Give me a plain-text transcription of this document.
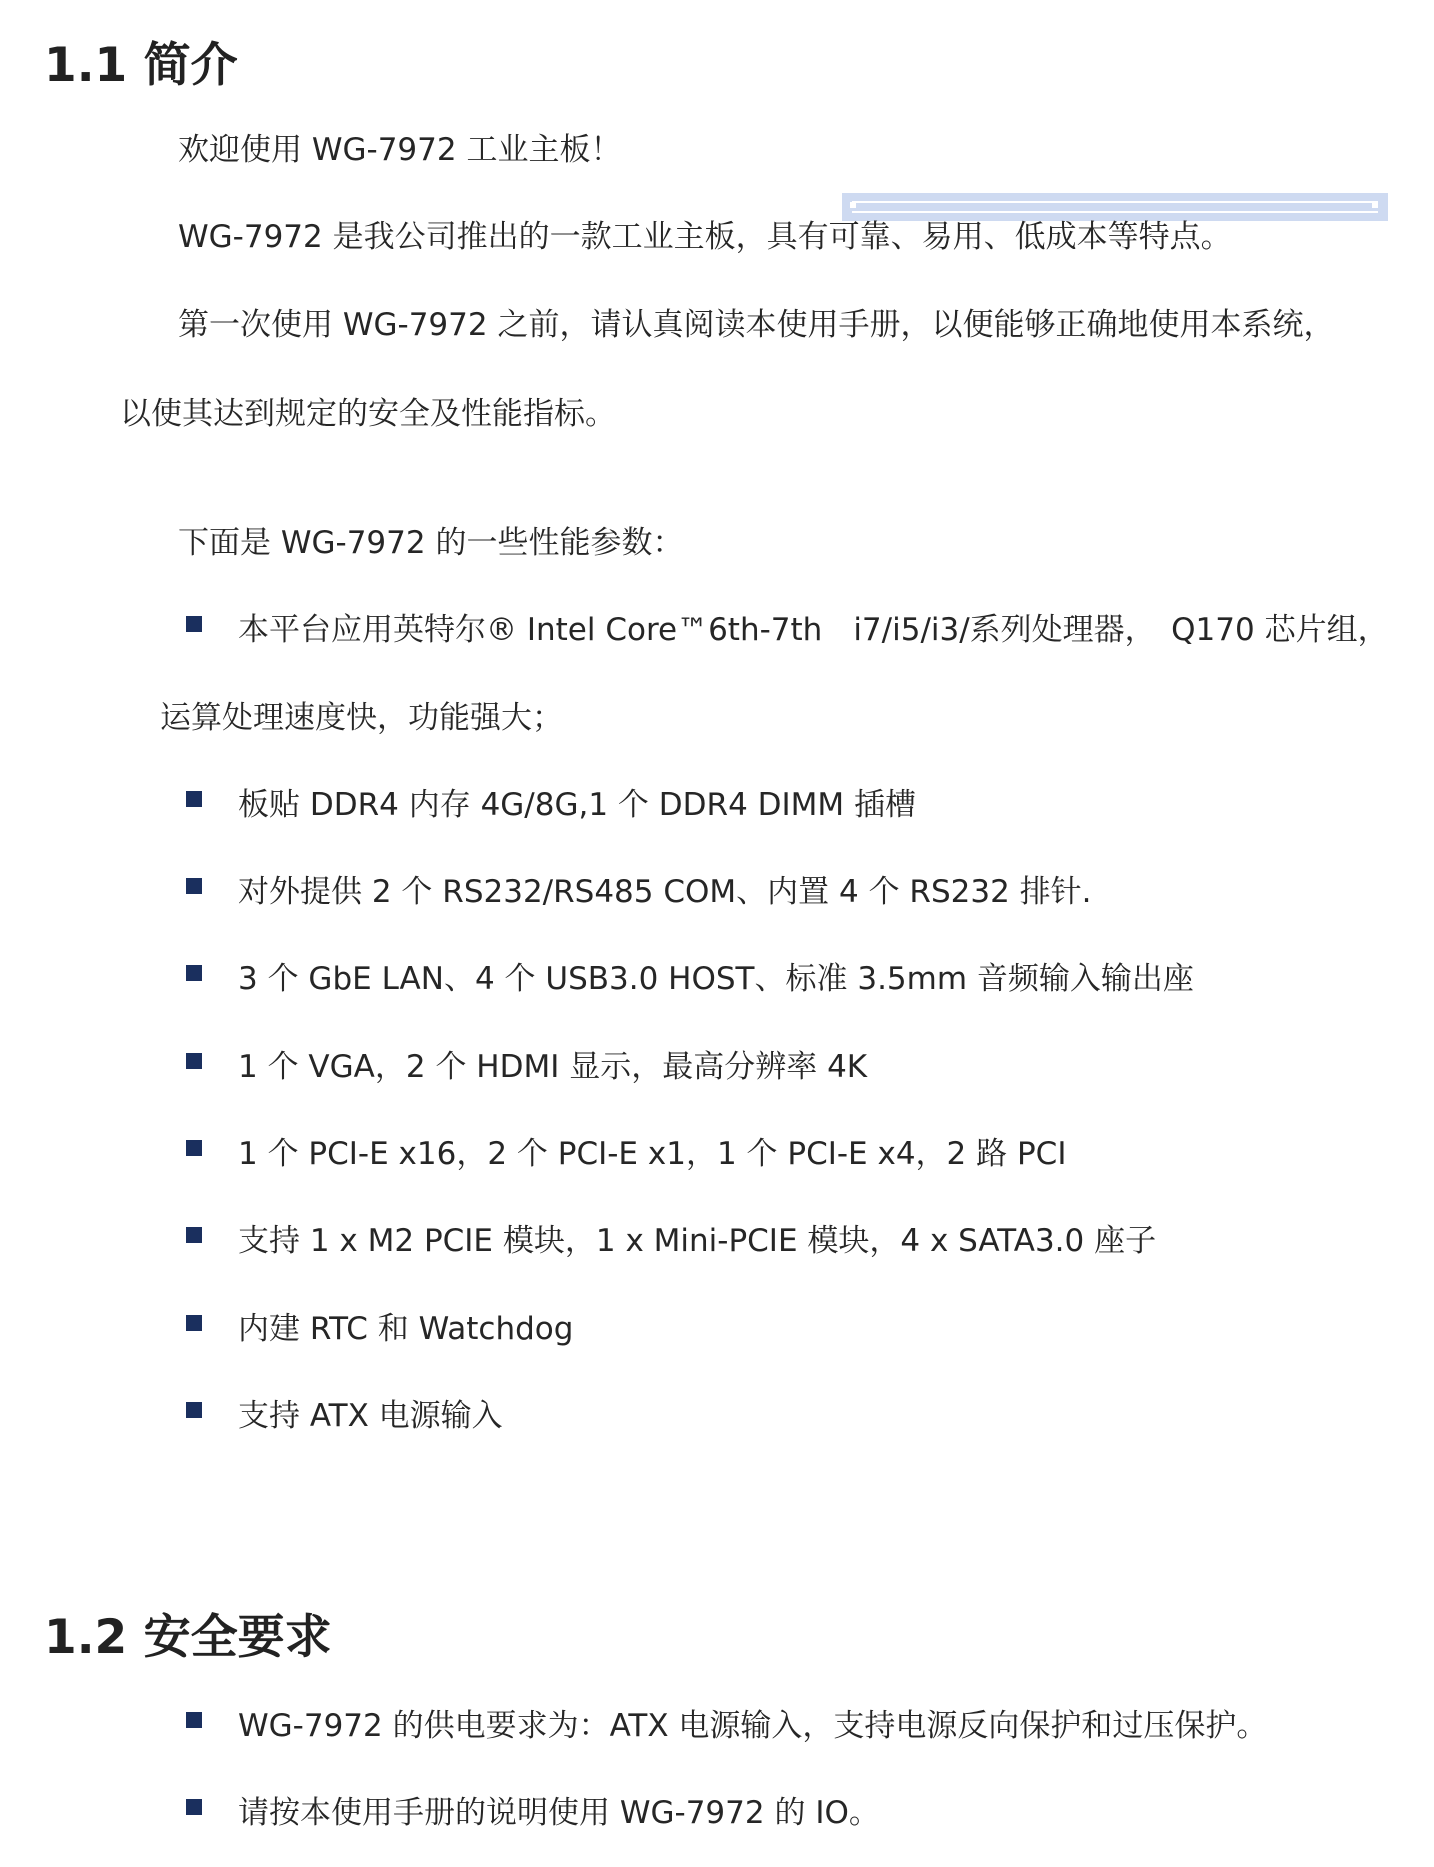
1.1 简介

欢迎使用 WG-7972 工业主板！

WG-7972 是我公司推出的一款工业主板，具有可靠、易用、低成本等特点。

第一次使用 WG-7972 之前，请认真阅读本使用手册，以便能够正确地使用本系统，

以使其达到规定的安全及性能指标。

下面是 WG-7972 的一些性能参数：

本平台应用英特尔® Intel Core™6th-7th　i7/i5/i3/系列处理器，　Q170 芯片组，
运算处理速度快，功能强大；
板贴 DDR4 内存 4G/8G,1 个 DDR4 DIMM 插槽
对外提供 2 个 RS232/RS485 COM、内置 4 个 RS232 排针.
3 个 GbE LAN、4 个 USB3.0 HOST、标准 3.5mm 音频输入输出座
1 个 VGA，2 个 HDMI 显示，最高分辨率 4K
1 个 PCI-E x16，2 个 PCI-E x1，1 个 PCI-E x4，2 路 PCI
支持 1 x M2 PCIE 模块，1 x Mini-PCIE 模块，4 x SATA3.0 座子
内建 RTC 和 Watchdog
支持 ATX 电源输入
1.2 安全要求
WG-7972 的供电要求为：ATX 电源输入，支持电源反向保护和过压保护。
请按本使用手册的说明使用 WG-7972 的 IO。
